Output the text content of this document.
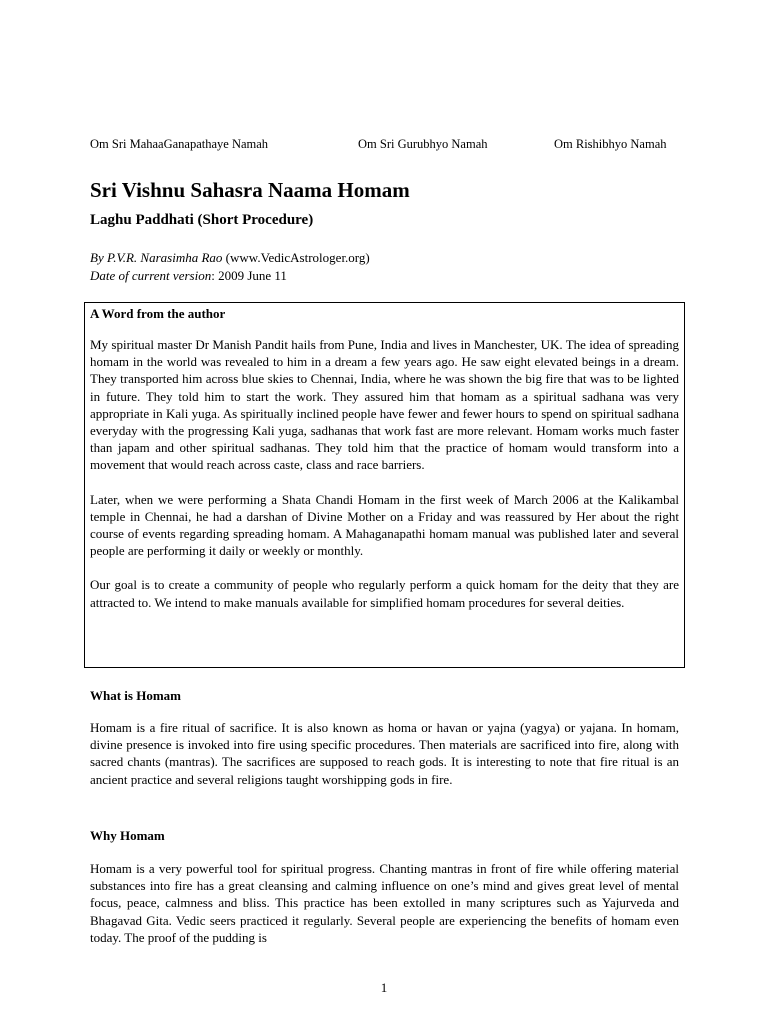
Om Sri MahaaGanapathaye Namah	Om Sri Gurubhyo Namah	Om Rishibhyo Namah
Sri Vishnu Sahasra Naama Homam
Laghu Paddhati (Short Procedure)
By P.V.R. Narasimha Rao (www.VedicAstrologer.org)
Date of current version: 2009 June 11
A Word from the author

My spiritual master Dr Manish Pandit hails from Pune, India and lives in Manchester, UK. The idea of spreading homam in the world was revealed to him in a dream a few years ago. He saw eight elevated beings in a dream. They transported him across blue skies to Chennai, India, where he was shown the big fire that was to be lighted in future. They told him to start the work. They assured him that homam as a spiritual sadhana was very appropriate in Kali yuga. As spiritually inclined people have fewer and fewer hours to spend on spiritual sadhana everyday with the progressing Kali yuga, sadhanas that work fast are more relevant. Homam works much faster than japam and other spiritual sadhanas. They told him that the practice of homam would transform into a movement that would reach across caste, class and race barriers.

Later, when we were performing a Shata Chandi Homam in the first week of March 2006 at the Kalikambal temple in Chennai, he had a darshan of Divine Mother on a Friday and was reassured by Her about the right course of events regarding spreading homam. A Mahaganapathi homam manual was published later and several people are performing it daily or weekly or monthly.

Our goal is to create a community of people who regularly perform a quick homam for the deity that they are attracted to. We intend to make manuals available for simplified homam procedures for several deities.

What is Homam

Homam is a fire ritual of sacrifice. It is also known as homa or havan or yajna (yagya) or yajana. In homam, divine presence is invoked into fire using specific procedures. Then materials are sacrificed into fire, along with sacred chants (mantras). The sacrifices are supposed to reach gods. It is interesting to note that fire ritual is an ancient practice and several religions taught worshipping gods in fire.

Why Homam

Homam is a very powerful tool for spiritual progress. Chanting mantras in front of fire while offering material substances into fire has a great cleansing and calming influence on one’s mind and gives great level of mental focus, peace, calmness and bliss. This practice has been extolled in many scriptures such as Yajurveda and Bhagavad Gita. Vedic seers practiced it regularly. Several people are experiencing the benefits of homam even today. The proof of the pudding is

1
